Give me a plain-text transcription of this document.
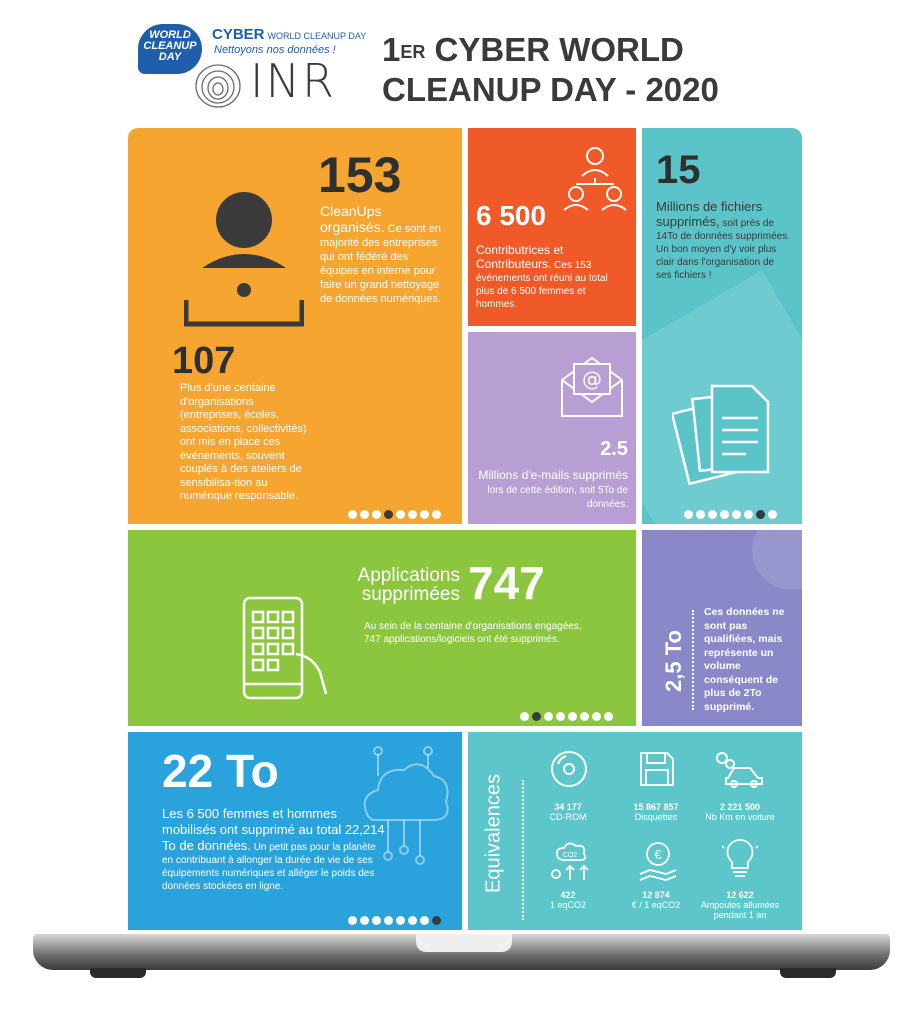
WORLD CLEANUP DAY
CYBER WORLD CLEANUP DAY
Nettoyons nos données !
INR
1ER CYBER WORLD
CLEANUP DAY - 2020
153
CleanUps organisés. Ce sont en majorité des entreprises qui ont fédéré des équipes en interne pour faire un grand nettoyage de données numériques.
107
Plus d'une centaine d'organisations (entreprises, écoles, associations, collectivités) ont mis en place ces événements, souvent couplés à des ateliers de sensibilisa-tion au numérique responsable.
6 500
Contributrices et Contributeurs. Ces 153 événements ont réuni au total plus de 6 500 femmes et hommes.
15
Millions de fichiers supprimés, soit près de 14To de données supprimées. Un bon moyen d'y voir plus clair dans l'organisation de ses fichiers !
@
2.5
Millions d'e-mails supprimés lors de cette édition, soit 5To de données.
Applications supprimées 747
Au sein de la centaine d'organisations engagées, 747 applications/logiciels ont été supprimés.	2,5 To
Ces données ne sont pas qualifiées, mais représente un volume conséquent de plus de 2To supprimé.
22 To
Les 6 500 femmes et hommes mobilisés ont supprimé au total 22,214 To de données. Un petit pas pour la planète en contribuant à allonger la durée de vie de ses équipements numériques et alléger le poids des données stockées en ligne.	Equivalences	34 177
CD-ROM
15 867 857
Disquettes
2 221 500
Nb Km en voiture
CO2
422
1 eqCO2
€
12 874
€ / 1 eqCO2
12 622
Ampoules allumées pendant 1 an
